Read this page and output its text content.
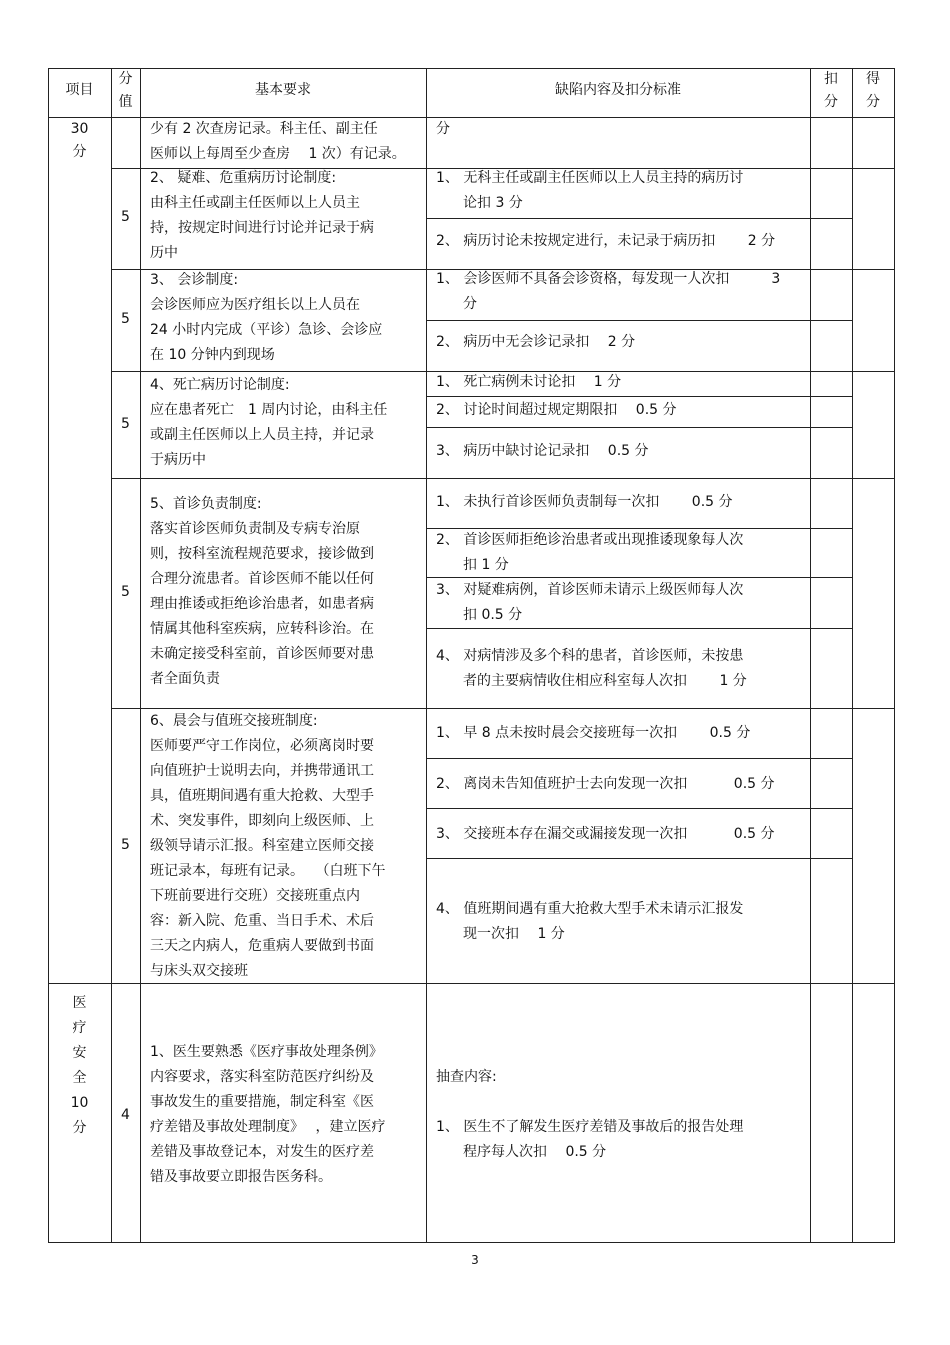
项目
分
值
基本要求	缺陷内容及扣分标准
扣
分
得
分
30
分
少有 2 次查房记录。科主任、副主任
医师以上每周至少查房　 1 次）有记录。
分
5
2、 疑难、危重病历讨论制度:
由科主任或副主任医师以上人员主
持，按规定时间进行讨论并记录于病
历中
1、 无科主任或副主任医师以上人员主持的病历讨
论扣 3 分
2、 病历讨论未按规定进行，未记录于病历扣　　 2 分
5
3、 会诊制度:
会诊医师应为医疗组长以上人员在
24 小时内完成（平诊）急诊、会诊应
在 10 分钟内到现场
1、 会诊医师不具备会诊资格，每发现一人次扣　　　3
分
2、 病历中无会诊记录扣　 2 分
5
4、死亡病历讨论制度:
应在患者死亡　1 周内讨论，由科主任
或副主任医师以上人员主持，并记录
于病历中
1、 死亡病例未讨论扣　 1 分
2、 讨论时间超过规定期限扣　 0.5 分
3、 病历中缺讨论记录扣　 0.5 分
5
5、首诊负责制度:
落实首诊医师负责制及专病专治原
则，按科室流程规范要求，接诊做到
合理分流患者。首诊医师不能以任何
理由推诿或拒绝诊治患者，如患者病
情属其他科室疾病，应转科诊治。在
未确定接受科室前，首诊医师要对患
者全面负责
1、 未执行首诊医师负责制每一次扣　　 0.5 分
2、 首诊医师拒绝诊治患者或出现推诿现象每人次
扣 1 分
3、 对疑难病例，首诊医师未请示上级医师每人次
扣 0.5 分
4、 对病情涉及多个科的患者，首诊医师，未按患
者的主要病情收住相应科室每人次扣　　 1 分
5
6、晨会与值班交接班制度:
医师要严守工作岗位，必须离岗时要
向值班护士说明去向，并携带通讯工
具，值班期间遇有重大抢救、大型手
术、突发事件，即刻向上级医师、上
级领导请示汇报。科室建立医师交接
班记录本，每班有记录。　 （白班下午
下班前要进行交班）交接班重点内
容：新入院、危重、当日手术、术后
三天之内病人，危重病人要做到书面
与床头双交接班
1、 早 8 点未按时晨会交接班每一次扣　　 0.5 分
2、 离岗未告知值班护士去向发现一次扣　　　 0.5 分
3、 交接班本存在漏交或漏接发现一次扣　　　 0.5 分
4、 值班期间遇有重大抢救大型手术未请示汇报发
现一次扣　 1 分
医
疗
安
全
10
分
4
1、医生要熟悉《医疗事故处理条例》
内容要求，落实科室防范医疗纠纷及
事故发生的重要措施，制定科室《医
疗差错及事故处理制度》　 ，建立医疗
差错及事故登记本，对发生的医疗差
错及事故要立即报告医务科。
抽查内容:
1、 医生不了解发生医疗差错及事故后的报告处理
程序每人次扣　 0.5 分
3
